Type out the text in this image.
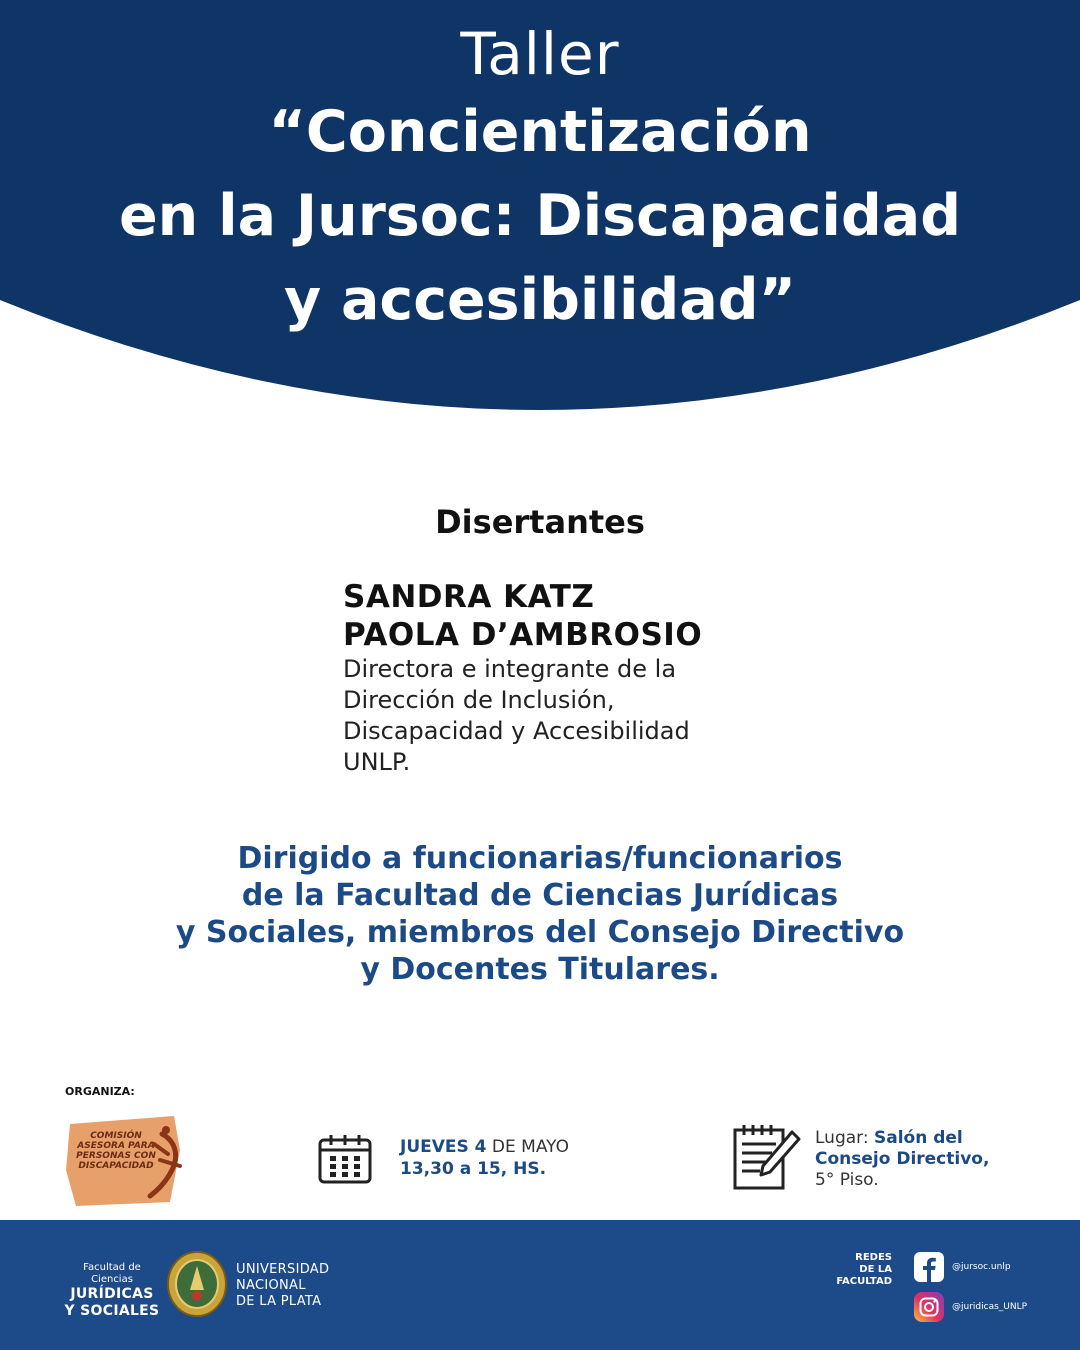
Taller
“Concientización
en la Jursoc: Discapacidad
y accesibilidad”
Disertantes
SANDRA KATZ
PAOLA D’AMBROSIO
Directora e integrante de la
Dirección de Inclusión,
Discapacidad y Accesibilidad
UNLP.
Dirigido a funcionarias/funcionarios
de la Facultad de Ciencias Jurídicas
y Sociales, miembros del Consejo Directivo
y Docentes Titulares.
ORGANIZA:
COMISIÓN
ASESORA PARA
PERSONAS CON
DISCAPACIDAD
JUEVES 4 DE MAYO
13,30 a 15, HS.
Lugar: Salón del
Consejo Directivo,
5° Piso.
Facultad de Ciencias
JURÍDICAS
Y SOCIALES
UNIVERSIDAD
NACIONAL
DE LA PLATA
REDES
DE LA
FACULTAD
@jursoc.unlp
@juridicas_UNLP
